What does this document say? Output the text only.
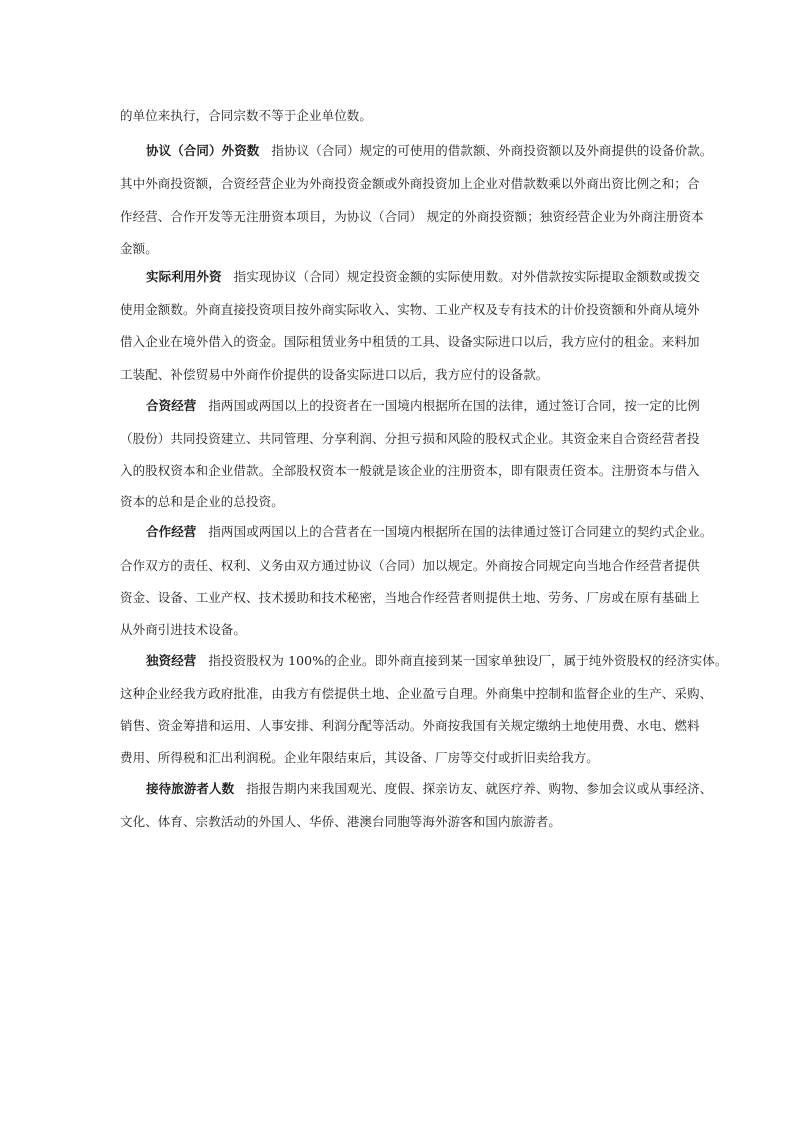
的单位来执行，合同宗数不等于企业单位数。
协议（合同）外资数 指协议（合同）规定的可使用的借款额、外商投资额以及外商提供的设备价款。
其中外商投资额，合资经营企业为外商投资金额或外商投资加上企业对借款数乘以外商出资比例之和；合
作经营、合作开发等无注册资本项目，为协议（合同） 规定的外商投资额；独资经营企业为外商注册资本
金额。
实际利用外资 指实现协议（合同）规定投资金额的实际使用数。对外借款按实际提取金额数或拨交
使用金额数。外商直接投资项目按外商实际收入、实物、工业产权及专有技术的计价投资额和外商从境外
借入企业在境外借入的资金。国际租赁业务中租赁的工具、设备实际进口以后，我方应付的租金。来料加
工装配、补偿贸易中外商作价提供的设备实际进口以后，我方应付的设备款。
合资经营 指两国或两国以上的投资者在一国境内根据所在国的法律，通过签订合同，按一定的比例
（股份）共同投资建立、共同管理、分享利润、分担亏损和风险的股权式企业。其资金来自合资经营者投
入的股权资本和企业借款。全部股权资本一般就是该企业的注册资本，即有限责任资本。注册资本与借入
资本的总和是企业的总投资。
合作经营 指两国或两国以上的合营者在一国境内根据所在国的法律通过签订合同建立的契约式企业。
合作双方的责任、权利、义务由双方通过协议（合同）加以规定。外商按合同规定向当地合作经营者提供
资金、设备、工业产权、技术援助和技术秘密，当地合作经营者则提供土地、劳务、厂房或在原有基础上
从外商引进技术设备。
独资经营 指投资股权为 100%的企业。即外商直接到某一国家单独设厂，属于纯外资股权的经济实体。
这种企业经我方政府批准，由我方有偿提供土地、企业盈亏自理。外商集中控制和监督企业的生产、采购、
销售、资金筹措和运用、人事安排、利润分配等活动。外商按我国有关规定缴纳土地使用费、水电、燃料
费用、所得税和汇出利润税。企业年限结束后，其设备、厂房等交付或折旧卖给我方。
接待旅游者人数 指报告期内来我国观光、度假、探亲访友、就医疗养、购物、参加会议或从事经济、
文化、体育、宗教活动的外国人、华侨、港澳台同胞等海外游客和国内旅游者。
